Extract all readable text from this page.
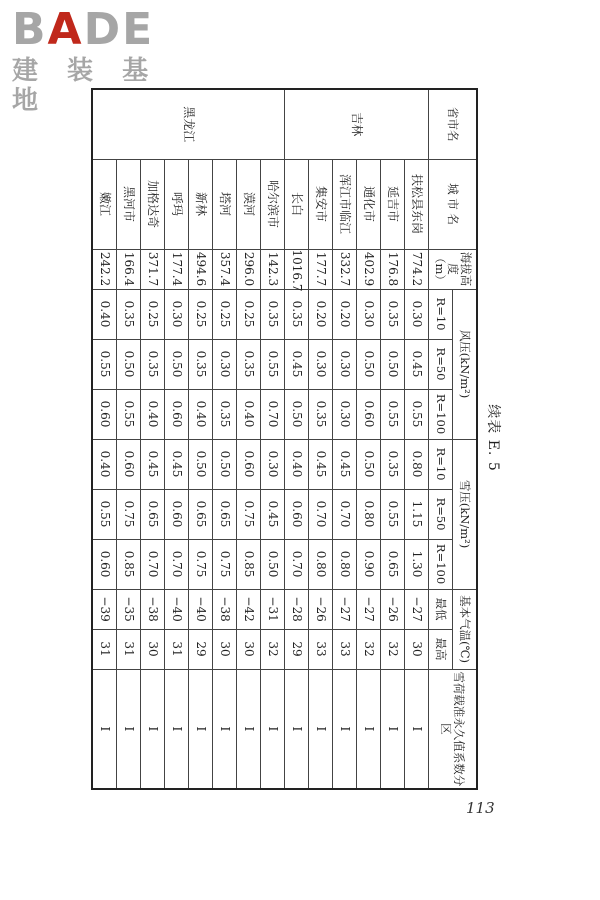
BADE
建 装 基 地
续表 E. 5
省市名	城 市 名	海拔高度（m）	风压(kN/m²)			雪压(kN/m²)			基本气温(℃)		雪荷载准永久值系数分区
			R=10	R=50	R=100	R=10	R=50	R=100	最低	最高	
吉林	扶松县东岗	774.2	0.30	0.45	0.55	0.80	1.15	1.30	−27	30	Ⅰ
	延吉市	176.8	0.35	0.50	0.55	0.35	0.55	0.65	−26	32	Ⅰ
	通化市	402.9	0.30	0.50	0.60	0.50	0.80	0.90	−27	32	Ⅰ
	浑江市临江	332.7	0.20	0.30	0.30	0.45	0.70	0.80	−27	33	Ⅰ
	集安市	177.7	0.20	0.30	0.35	0.45	0.70	0.80	−26	33	Ⅰ
	长白	1016.7	0.35	0.45	0.50	0.40	0.60	0.70	−28	29	Ⅰ
黑龙江	哈尔滨市	142.3	0.35	0.55	0.70	0.30	0.45	0.50	−31	32	Ⅰ
	漠河	296.0	0.25	0.35	0.40	0.60	0.75	0.85	−42	30	Ⅰ
	塔河	357.4	0.25	0.30	0.35	0.50	0.65	0.75	−38	30	Ⅰ
	新林	494.6	0.25	0.35	0.40	0.50	0.65	0.75	−40	29	Ⅰ
	呼玛	177.4	0.30	0.50	0.60	0.45	0.60	0.70	−40	31	Ⅰ
	加格达奇	371.7	0.25	0.35	0.40	0.45	0.65	0.70	−38	30	Ⅰ
	黑河市	166.4	0.35	0.50	0.55	0.60	0.75	0.85	−35	31	Ⅰ
	嫩江	242.2	0.40	0.55	0.60	0.40	0.55	0.60	−39	31	Ⅰ
113
